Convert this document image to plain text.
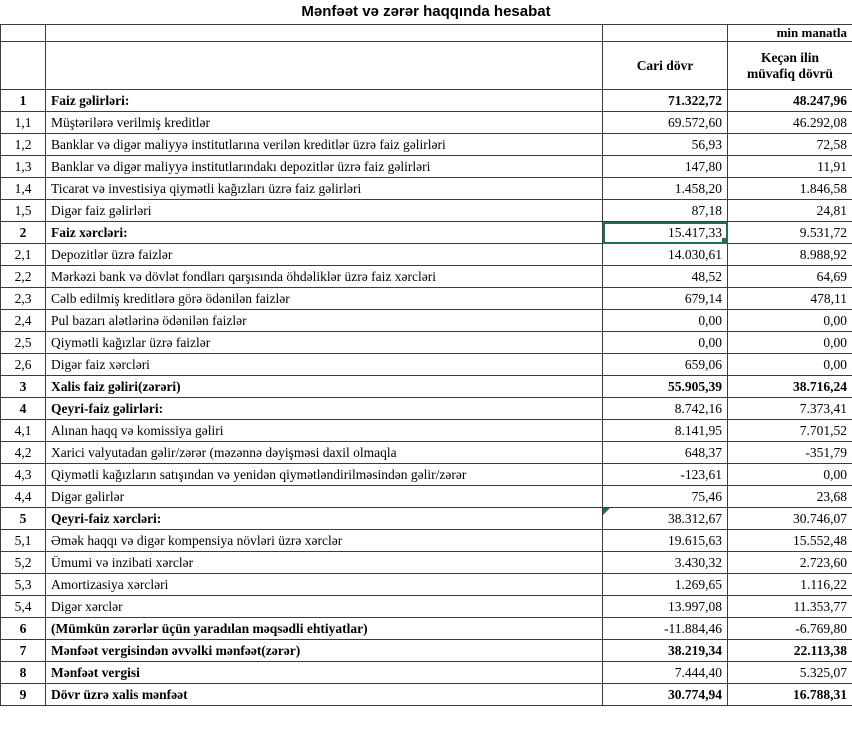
Mənfəət və zərər haqqında hesabat
			min manatla
		Cari dövr	Keçən ilin
müvafiq dövrü
1	Faiz gəlirləri:	71.322,72	48.247,96
1,1	Müştərilərə verilmiş kreditlər	69.572,60	46.292,08
1,2	Banklar və digər maliyyə institutlarına verilən kreditlər üzrə faiz gəlirləri	56,93	72,58
1,3	Banklar və digər maliyyə institutlarındakı depozitlər üzrə faiz gəlirləri	147,80	11,91
1,4	Ticarət və investisiya qiymətli kağızları üzrə faiz gəlirləri	1.458,20	1.846,58
1,5	Digər faiz gəlirləri	87,18	24,81
2	Faiz xərcləri:	15.417,33	9.531,72
2,1	Depozitlər üzrə faizlər	14.030,61	8.988,92
2,2	Mərkəzi bank və dövlət fondları qarşısında öhdəliklər üzrə faiz xərcləri	48,52	64,69
2,3	Cəlb edilmiş kreditlərə görə ödənilən faizlər	679,14	478,11
2,4	Pul bazarı alətlərinə ödənilən faizlər	0,00	0,00
2,5	Qiymətli kağızlar üzrə faizlər	0,00	0,00
2,6	Digər faiz xərcləri	659,06	0,00
3	Xalis faiz gəliri(zərəri)	55.905,39	38.716,24
4	Qeyri-faiz gəlirləri:	8.742,16	7.373,41
4,1	Alınan haqq və komissiya gəliri	8.141,95	7.701,52
4,2	Xarici valyutadan gəlir/zərər (məzənnə dəyişməsi daxil olmaqla	648,37	-351,79
4,3	Qiymətli kağızların satışından və yenidən qiymətləndirilməsindən gəlir/zərər	-123,61	0,00
4,4	Digər gəlirlər	75,46	23,68
5	Qeyri-faiz xərcləri:	38.312,67	30.746,07
5,1	Əmək haqqı və digər kompensiya növləri üzrə xərclər	19.615,63	15.552,48
5,2	Ümumi və inzibati xərclər	3.430,32	2.723,60
5,3	Amortizasiya xərcləri	1.269,65	1.116,22
5,4	Digər xərclər	13.997,08	11.353,77
6	(Mümkün zərərlər üçün yaradılan məqsədli ehtiyatlar)	-11.884,46	-6.769,80
7	Mənfəət vergisindən əvvəlki mənfəət(zərər)	38.219,34	22.113,38
8	Mənfəət vergisi	7.444,40	5.325,07
9	Dövr üzrə xalis mənfəət	30.774,94	16.788,31
